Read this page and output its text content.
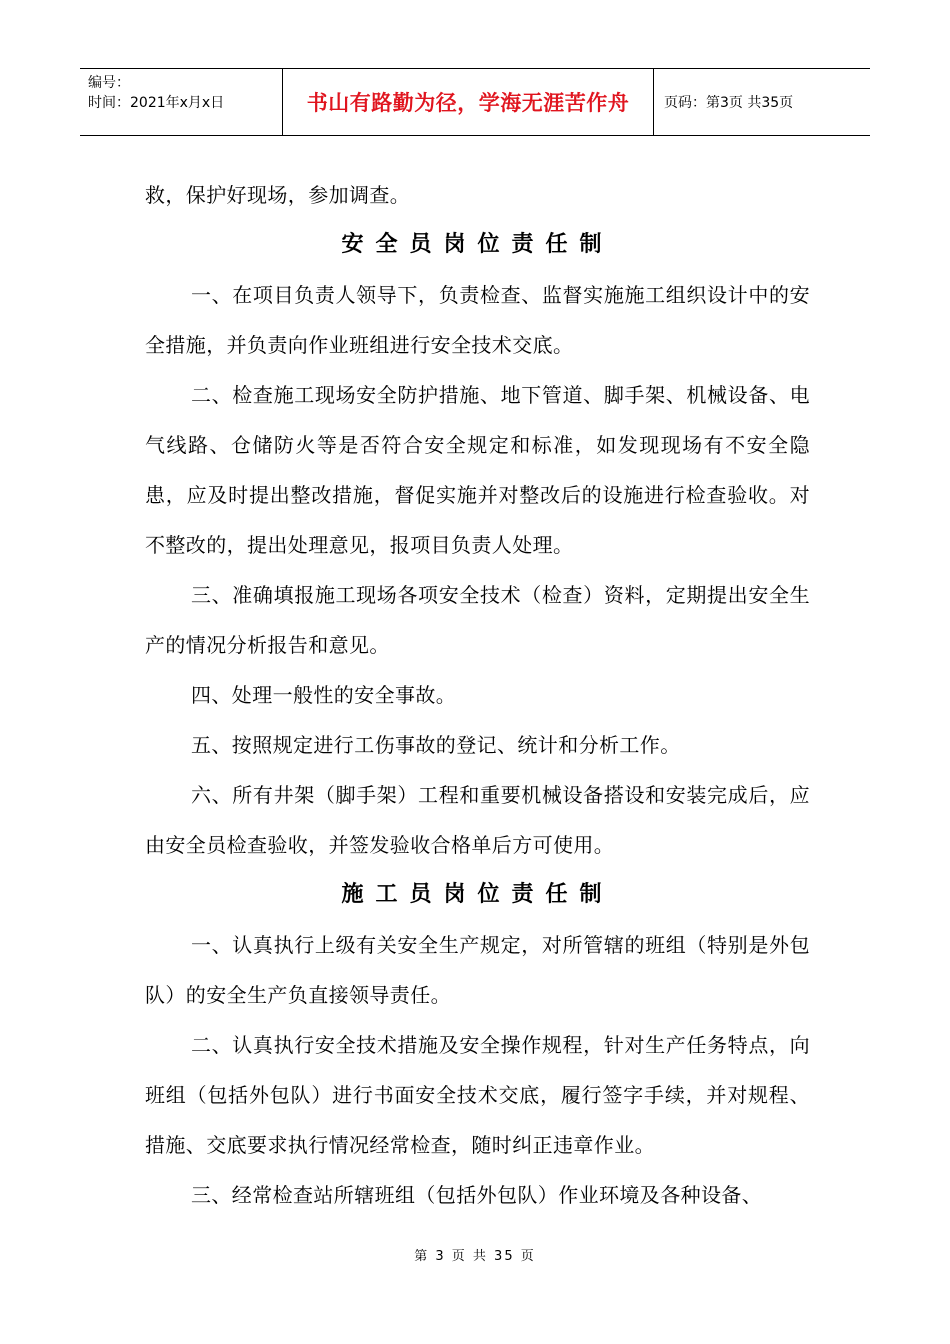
编号：
时间：2021年x月x日	书山有路勤为径，学海无涯苦作舟 页码：第3页 共35页

救，保护好现场，参加调查。

安全员岗位责任制

一、在项目负责人领导下，负责检查、监督实施施工组织设计中的安全措施，并负责向作业班组进行安全技术交底。

二、检查施工现场安全防护措施、地下管道、脚手架、机械设备、电气线路、仓储防火等是否符合安全规定和标准，如发现现场有不安全隐患，应及时提出整改措施，督促实施并对整改后的设施进行检查验收。对不整改的，提出处理意见，报项目负责人处理。

三、准确填报施工现场各项安全技术（检查）资料，定期提出安全生产的情况分析报告和意见。

四、处理一般性的安全事故。

五、按照规定进行工伤事故的登记、统计和分析工作。

六、所有井架（脚手架）工程和重要机械设备搭设和安装完成后，应由安全员检查验收，并签发验收合格单后方可使用。

施工员岗位责任制

一、认真执行上级有关安全生产规定，对所管辖的班组（特别是外包队）的安全生产负直接领导责任。

二、认真执行安全技术措施及安全操作规程，针对生产任务特点，向班组（包括外包队）进行书面安全技术交底，履行签字手续，并对规程、措施、交底要求执行情况经常检查，随时纠正违章作业。

三、经常检查站所辖班组（包括外包队）作业环境及各种设备、

第 3 页 共 35 页
